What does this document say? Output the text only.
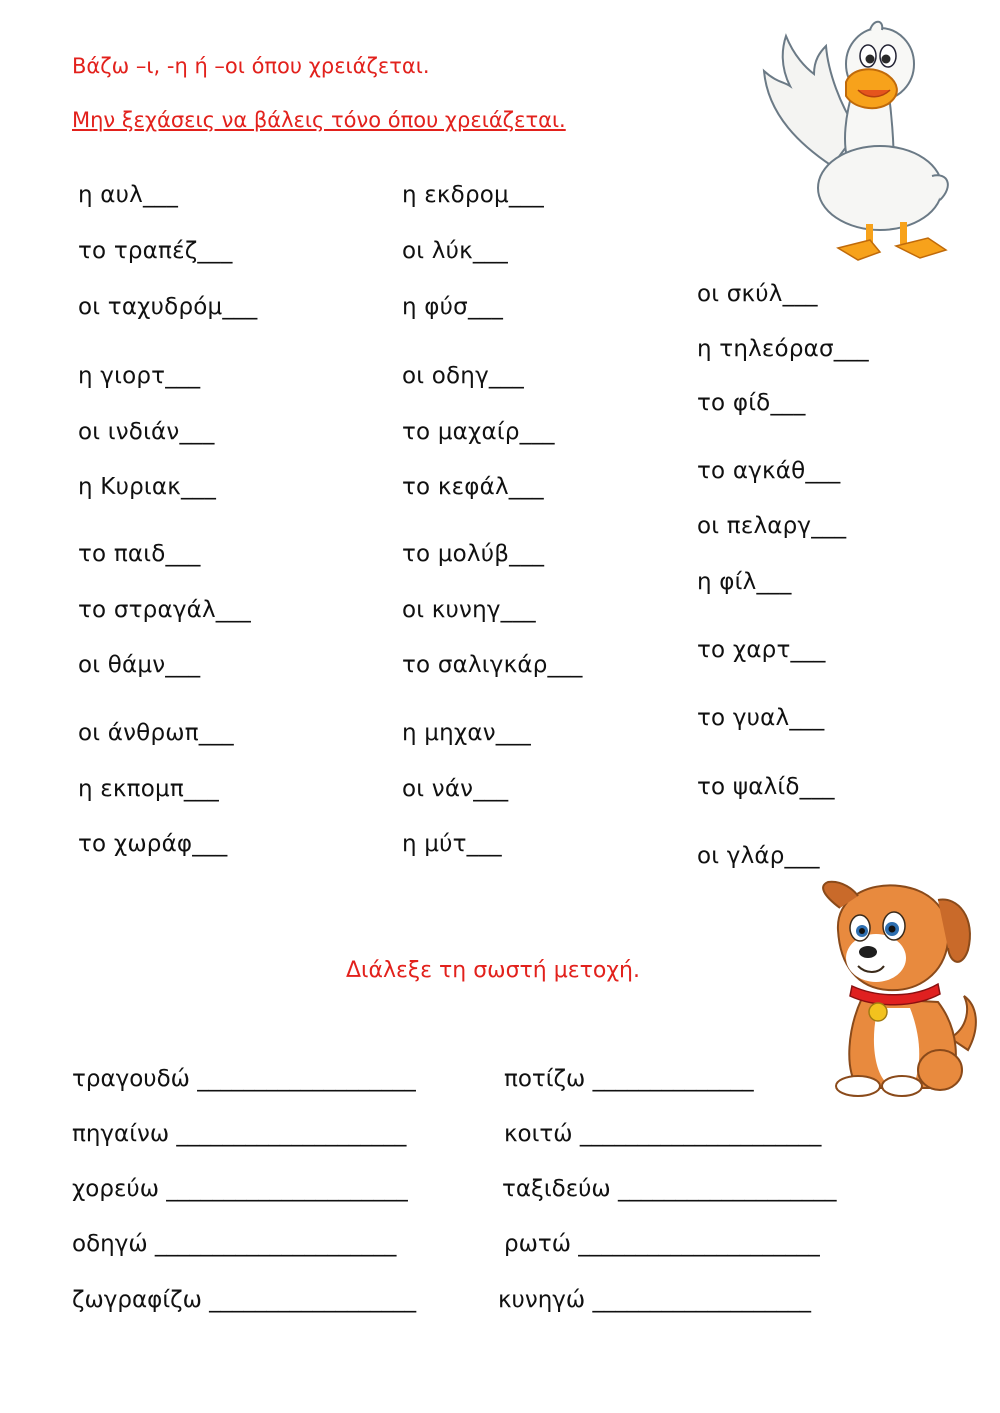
Βάζω –ι, -η ή –οι όπου χρειάζεται.
Μην ξεχάσεις να βάλεις τόνο όπου χρειάζεται.
η αυλ___
το τραπέζ___
οι ταχυδρόμ___
η γιορτ___
οι ινδιάν___
η Κυριακ___
το παιδ___
το στραγάλ___
οι θάμν___
οι άνθρωπ___
η εκπομπ___
το χωράφ___
η εκδρομ___
οι λύκ___
η φύσ___
οι οδηγ___
το μαχαίρ___
το κεφάλ___
το μολύβ___
οι κυνηγ___
το σαλιγκάρ___
η μηχαν___
οι νάν___
η μύτ___
οι σκύλ___
η τηλεόρασ___
το φίδ___
το αγκάθ___
οι πελαργ___
η φίλ___
το χαρτ___
το γυαλ___
το ψαλίδ___
οι γλάρ___
Διάλεξε τη σωστή μετοχή.
τραγουδώ ___________________
πηγαίνω ____________________
χορεύω _____________________
οδηγώ _____________________
ζωγραφίζω __________________
ποτίζω ______________
κοιτώ _____________________
ταξιδεύω ___________________
ρωτώ _____________________
κυνηγώ ___________________
